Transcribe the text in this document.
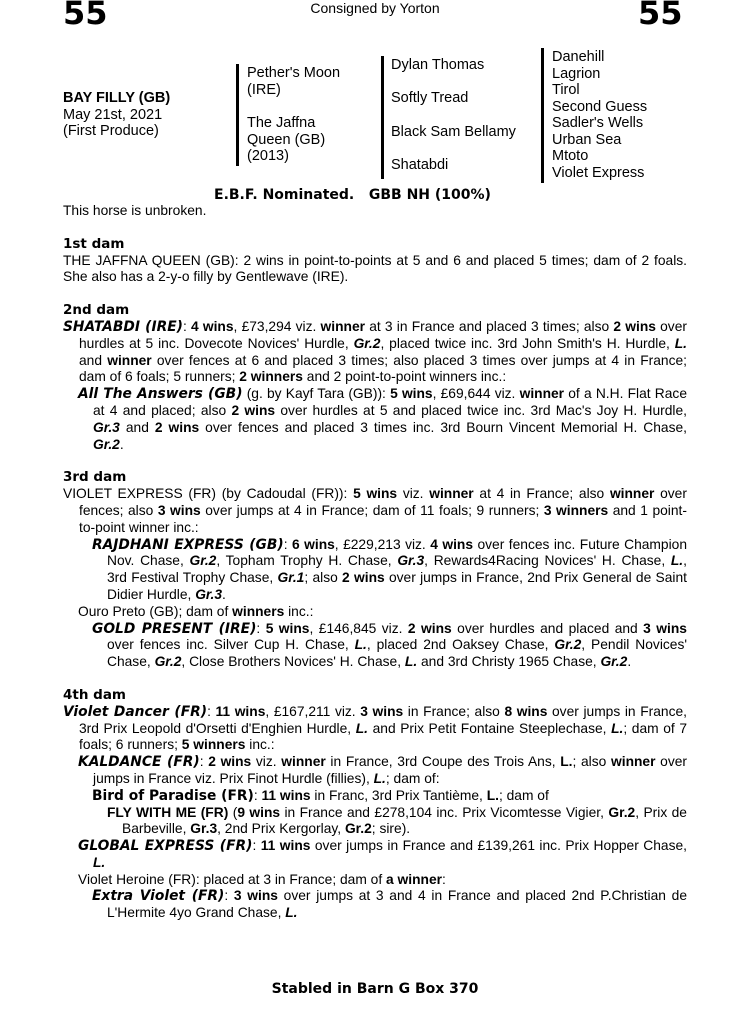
55	Consigned by Yorton	55
BAY FILLY (GB)
May 21st, 2021
(First Produce)
Pether's Moon
(IRE)
The Jaffna
Queen (GB)
(2013)
Dylan Thomas
Softly Tread
Black Sam Bellamy
Shatabdi
Danehill
Lagrion
Tirol
Second Guess
Sadler's Wells
Urban Sea
Mtoto
Violet Express
E.B.F. Nominated. GBB NH (100%)

This horse is unbroken.

1st dam

THE JAFFNA QUEEN (GB): 2 wins in point-to-points at 5 and 6 and placed 5 times; dam of 2 foals. She also has a 2-y-o filly by Gentlewave (IRE).

2nd dam

SHATABDI (IRE): 4 wins, £73,294 viz. winner at 3 in France and placed 3 times; also 2 wins over hurdles at 5 inc. Dovecote Novices' Hurdle, Gr.2, placed twice inc. 3rd John Smith's H. Hurdle, L. and winner over fences at 6 and placed 3 times; also placed 3 times over jumps at 4 in France; dam of 6 foals; 5 runners; 2 winners and 2 point-to-point winners inc.:

All The Answers (GB) (g. by Kayf Tara (GB)): 5 wins, £69,644 viz. winner of a N.H. Flat Race at 4 and placed; also 2 wins over hurdles at 5 and placed twice inc. 3rd Mac's Joy H. Hurdle, Gr.3 and 2 wins over fences and placed 3 times inc. 3rd Bourn Vincent Memorial H. Chase, Gr.2.

3rd dam

VIOLET EXPRESS (FR) (by Cadoudal (FR)): 5 wins viz. winner at 4 in France; also winner over fences; also 3 wins over jumps at 4 in France; dam of 11 foals; 9 runners; 3 winners and 1 point-to-point winner inc.:

RAJDHANI EXPRESS (GB): 6 wins, £229,213 viz. 4 wins over fences inc. Future Champion Nov. Chase, Gr.2, Topham Trophy H. Chase, Gr.3, Rewards4Racing Novices' H. Chase, L., 3rd Festival Trophy Chase, Gr.1; also 2 wins over jumps in France, 2nd Prix General de Saint Didier Hurdle, Gr.3.

Ouro Preto (GB); dam of winners inc.:

GOLD PRESENT (IRE): 5 wins, £146,845 viz. 2 wins over hurdles and placed and 3 wins over fences inc. Silver Cup H. Chase, L., placed 2nd Oaksey Chase, Gr.2, Pendil Novices' Chase, Gr.2, Close Brothers Novices' H. Chase, L. and 3rd Christy 1965 Chase, Gr.2.

4th dam

Violet Dancer (FR): 11 wins, £167,211 viz. 3 wins in France; also 8 wins over jumps in France, 3rd Prix Leopold d'Orsetti d'Enghien Hurdle, L. and Prix Petit Fontaine Steeplechase, L.; dam of 7 foals; 6 runners; 5 winners inc.:

KALDANCE (FR): 2 wins viz. winner in France, 3rd Coupe des Trois Ans, L.; also winner over jumps in France viz. Prix Finot Hurdle (fillies), L.; dam of:

Bird of Paradise (FR): 11 wins in Franc, 3rd Prix Tantième, L.; dam of

FLY WITH ME (FR) (9 wins in France and £278,104 inc. Prix Vicomtesse Vigier, Gr.2, Prix de Barbeville, Gr.3, 2nd Prix Kergorlay, Gr.2; sire).

GLOBAL EXPRESS (FR): 11 wins over jumps in France and £139,261 inc. Prix Hopper Chase, L.

Violet Heroine (FR): placed at 3 in France; dam of a winner:

Extra Violet (FR): 3 wins over jumps at 3 and 4 in France and placed 2nd P.Christian de L'Hermite 4yo Grand Chase, L.

Stabled in Barn G Box 370
